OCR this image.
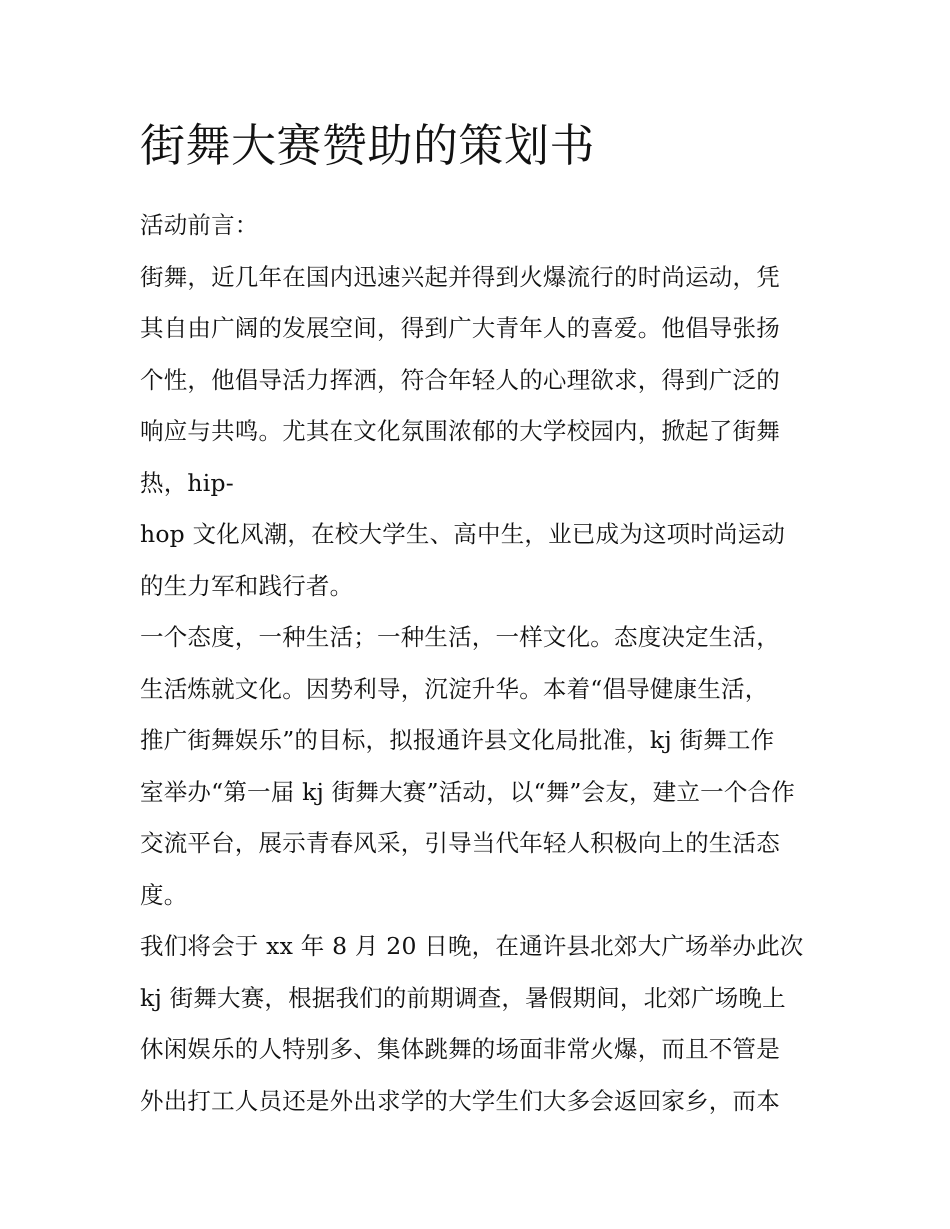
街舞大赛赞助的策划书
活动前言：
街舞，近几年在国内迅速兴起并得到火爆流行的时尚运动，凭
其自由广阔的发展空间，得到广大青年人的喜爱。他倡导张扬
个性，他倡导活力挥洒，符合年轻人的心理欲求，得到广泛的
响应与共鸣。尤其在文化氛围浓郁的大学校园内，掀起了街舞
热，hip-
hop 文化风潮，在校大学生、高中生，业已成为这项时尚运动
的生力军和践行者。
一个态度，一种生活；一种生活，一样文化。态度决定生活，
生活炼就文化。因势利导，沉淀升华。本着“倡导健康生活，
推广街舞娱乐”的目标，拟报通许县文化局批准，kj 街舞工作
室举办“第一届 kj 街舞大赛”活动，以“舞”会友，建立一个合作
交流平台，展示青春风采，引导当代年轻人积极向上的生活态
度。
我们将会于 xx 年 8 月 20 日晚，在通许县北郊大广场举办此次
kj 街舞大赛，根据我们的前期调查，暑假期间，北郊广场晚上
休闲娱乐的人特别多、集体跳舞的场面非常火爆，而且不管是
外出打工人员还是外出求学的大学生们大多会返回家乡，而本
